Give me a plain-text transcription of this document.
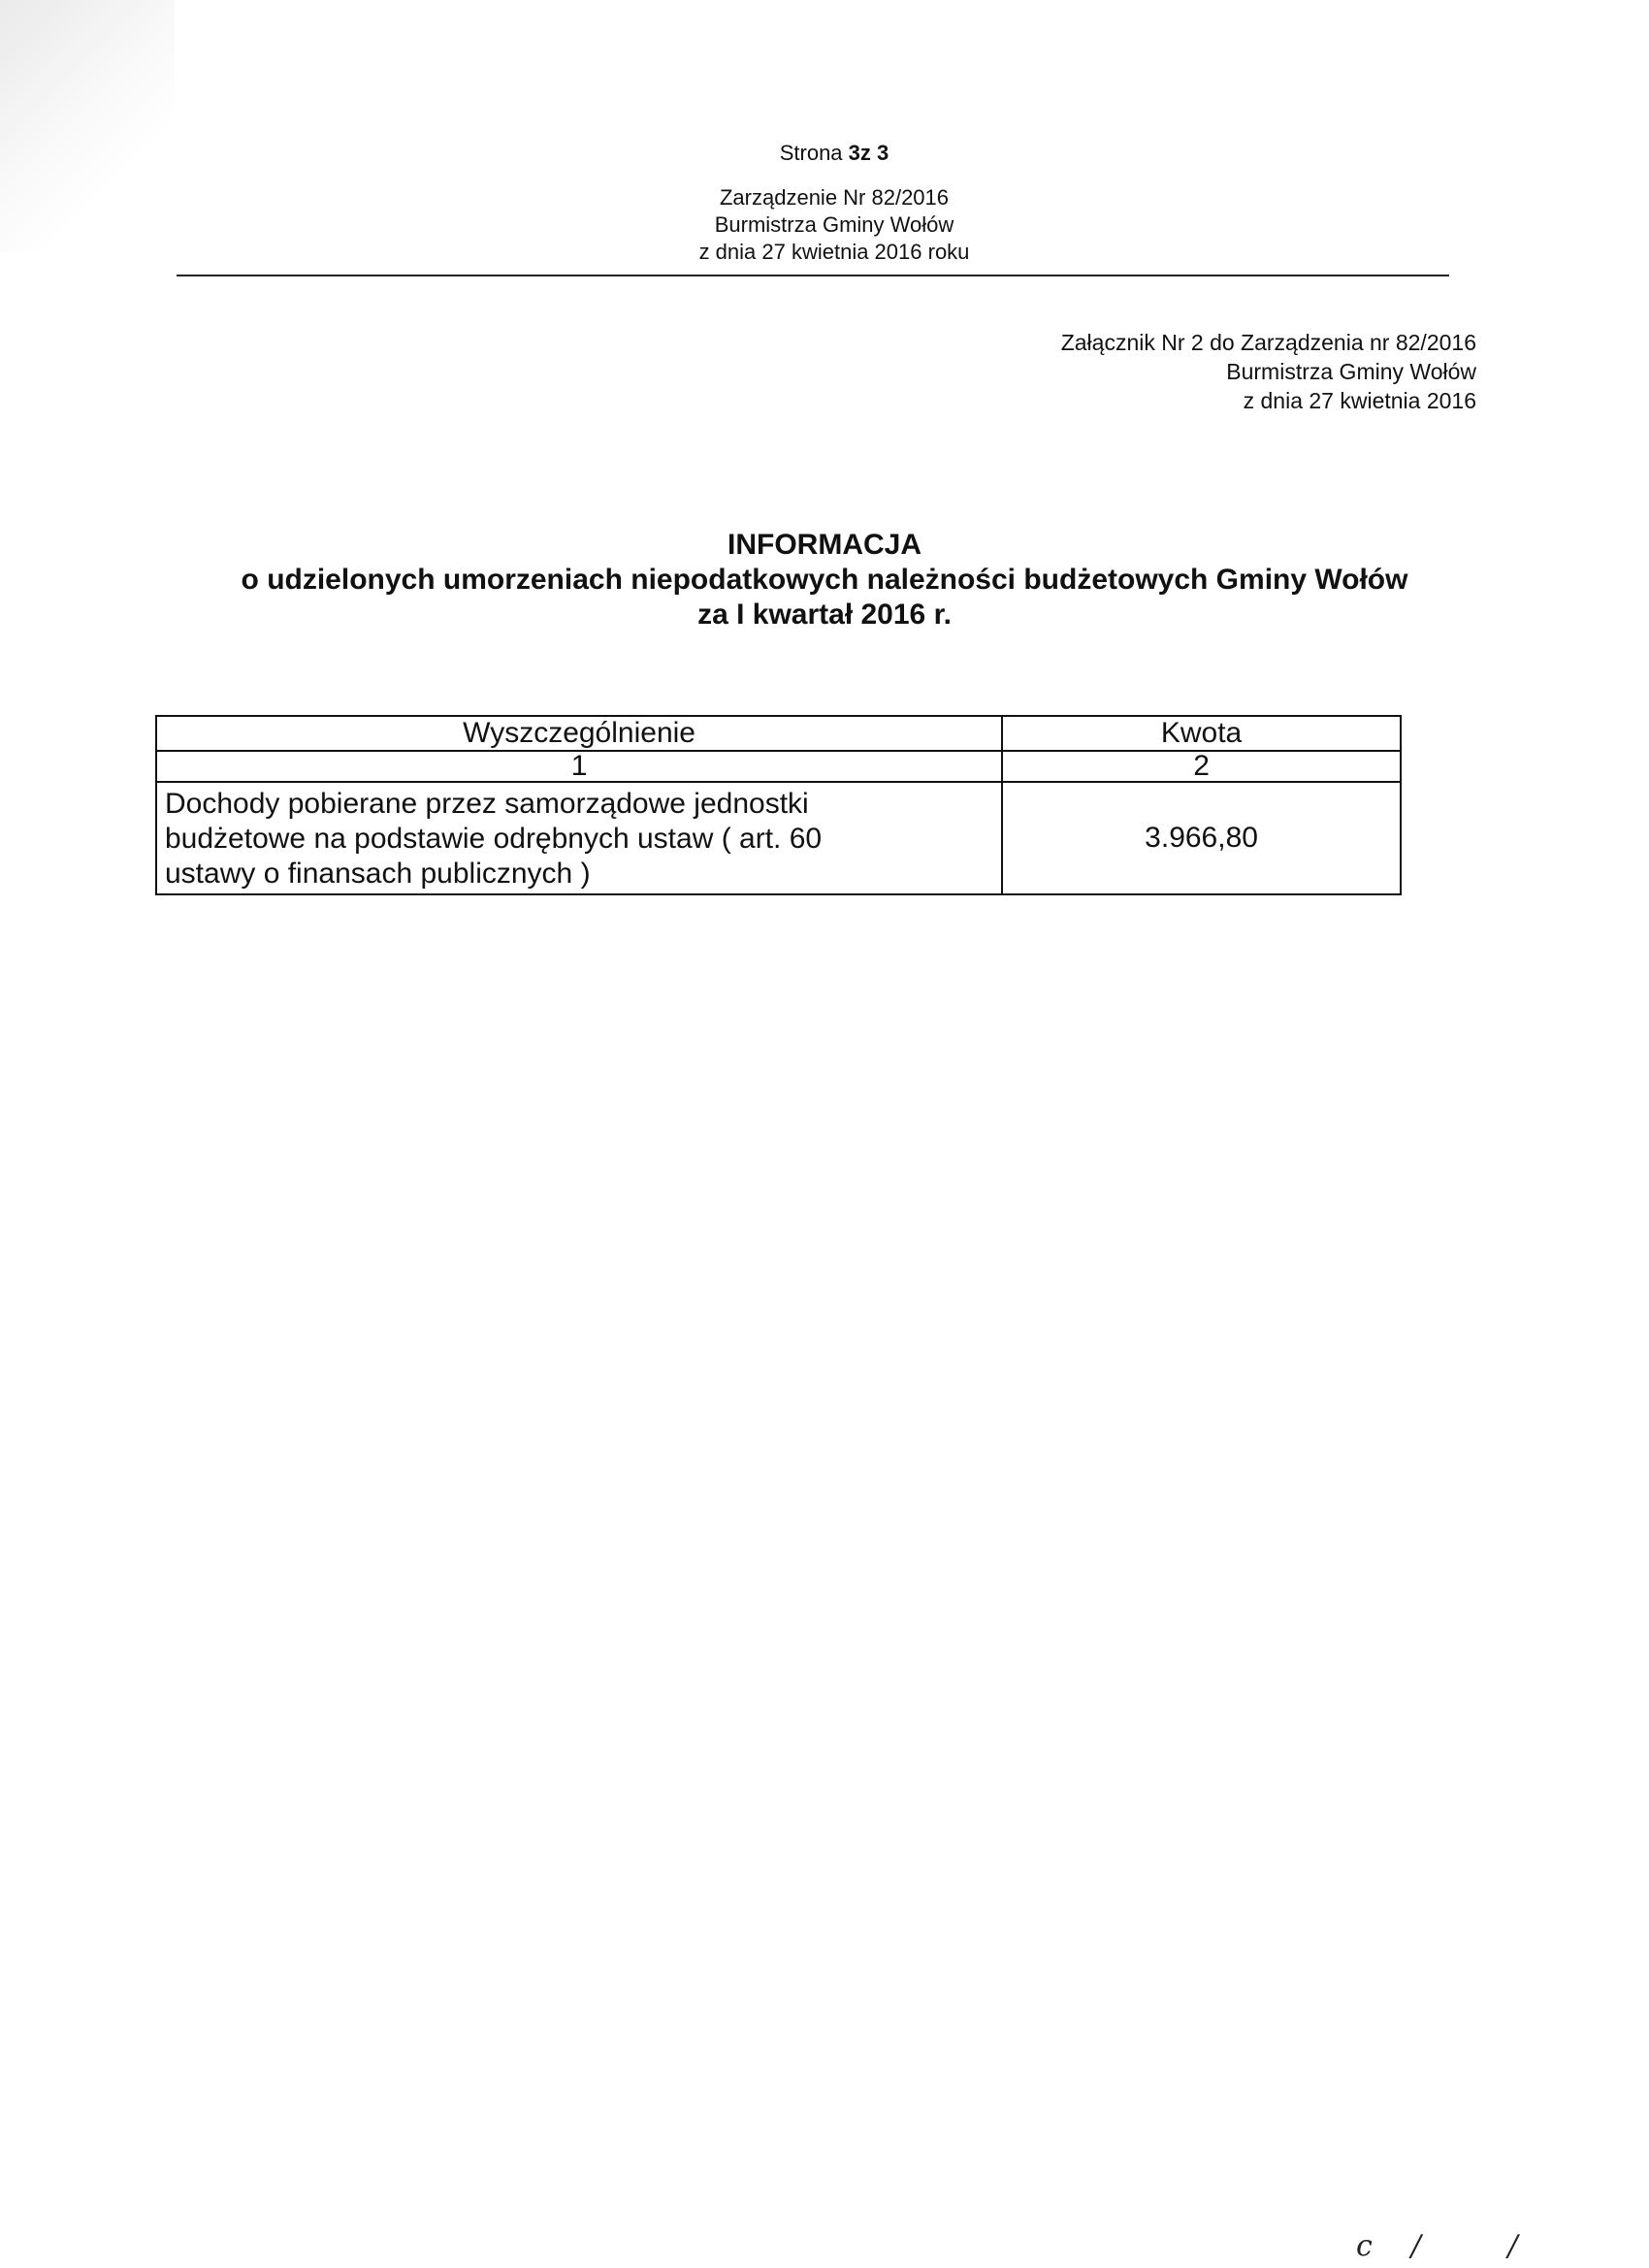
Strona 3z 3
Zarządzenie Nr 82/2016
Burmistrza Gminy Wołów
z dnia 27 kwietnia 2016 roku
Załącznik Nr 2 do Zarządzenia nr 82/2016
Burmistrza Gminy Wołów
z dnia 27 kwietnia 2016
INFORMACJA
o udzielonych umorzeniach niepodatkowych należności budżetowych Gminy Wołów
za I kwartał 2016 r.
Wyszczególnienie	Kwota
1	2

Dochody pobierane przez samorządowe jednostki
budżetowe na podstawie odrębnych ustaw ( art. 60
ustawy o finansach publicznych )	3.966,80
c/ /
